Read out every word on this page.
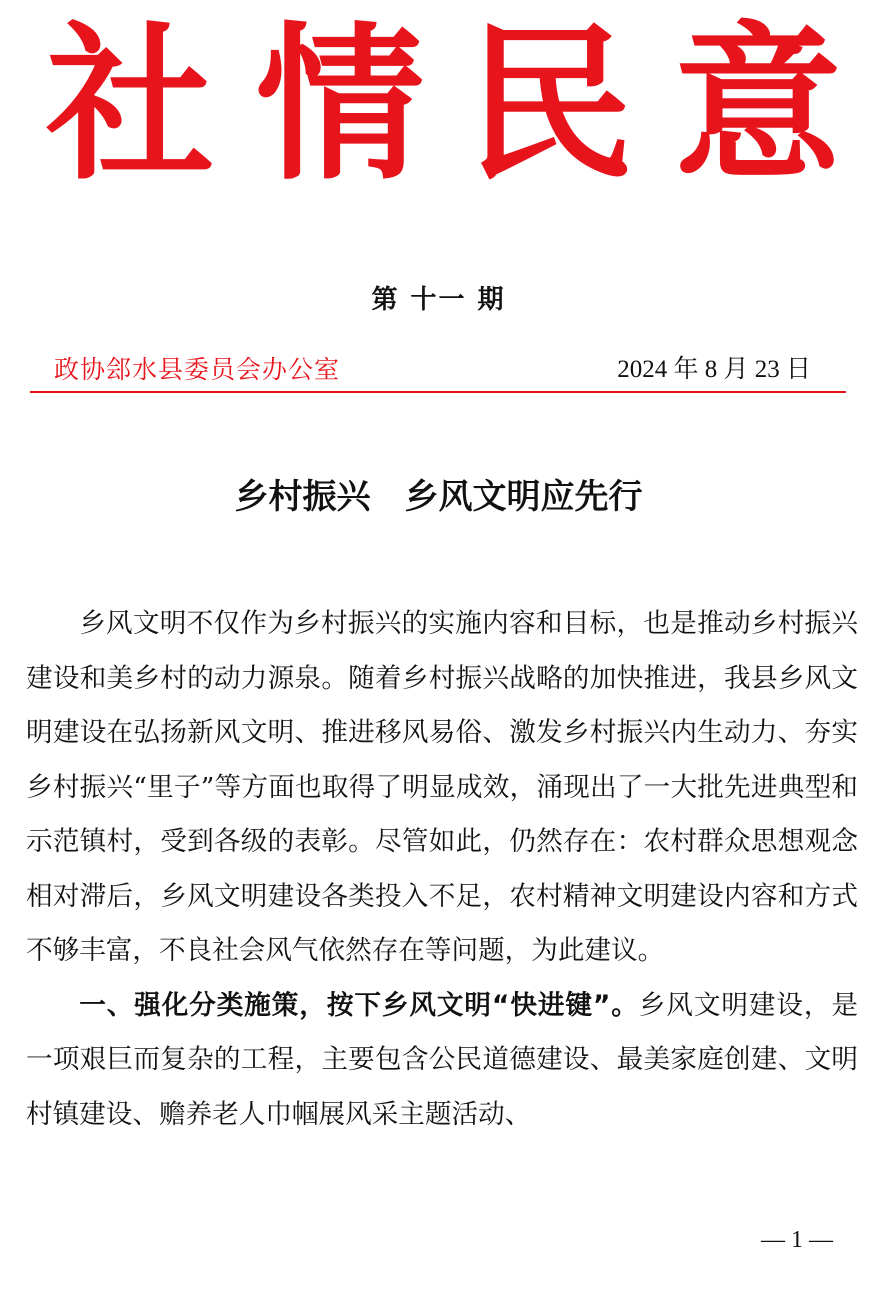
社 情 民 意
第 十一 期
政协郐水县委员会办公室	2024 年 8 月 23 日
乡村振兴　乡风文明应先行

乡风文明不仅作为乡村振兴的实施内容和目标，也是推动乡村振兴建设和美乡村的动力源泉。随着乡村振兴战略的加快推进，我县乡风文明建设在弘扬新风文明、推进移风易俗、激发乡村振兴内生动力、夯实乡村振兴“里子”等方面也取得了明显成效，涌现出了一大批先进典型和示范镇村，受到各级的表彰。尽管如此，仍然存在：农村群众思想观念相对滞后，乡风文明建设各类投入不足，农村精神文明建设内容和方式不够丰富，不良社会风气依然存在等问题，为此建议。

一、强化分类施策，按下乡风文明“快进键”。乡风文明建设，是一项艰巨而复杂的工程，主要包含公民道德建设、最美家庭创建、文明村镇建设、赡养老人巾帼展风采主题活动、

— 1 —
